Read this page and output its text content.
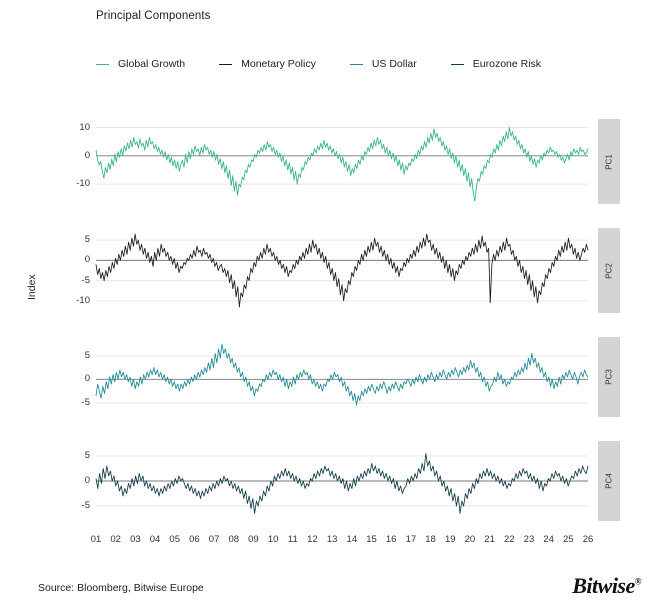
Principal Components
Global Growth	Monetary Policy	US Dollar	Eurozone Risk
Index
-10
0
10
PC1
-10
-5
0
5
PC2
-5
0
5
PC3
-5
0
5
PC4
01 02 03 04 05 06 07 08 09 10 11 12 13 14 15 16 17 18 19 20 21 22 23 24 25 26
Source: Bloomberg, Bitwise Europe	Bitwise®
